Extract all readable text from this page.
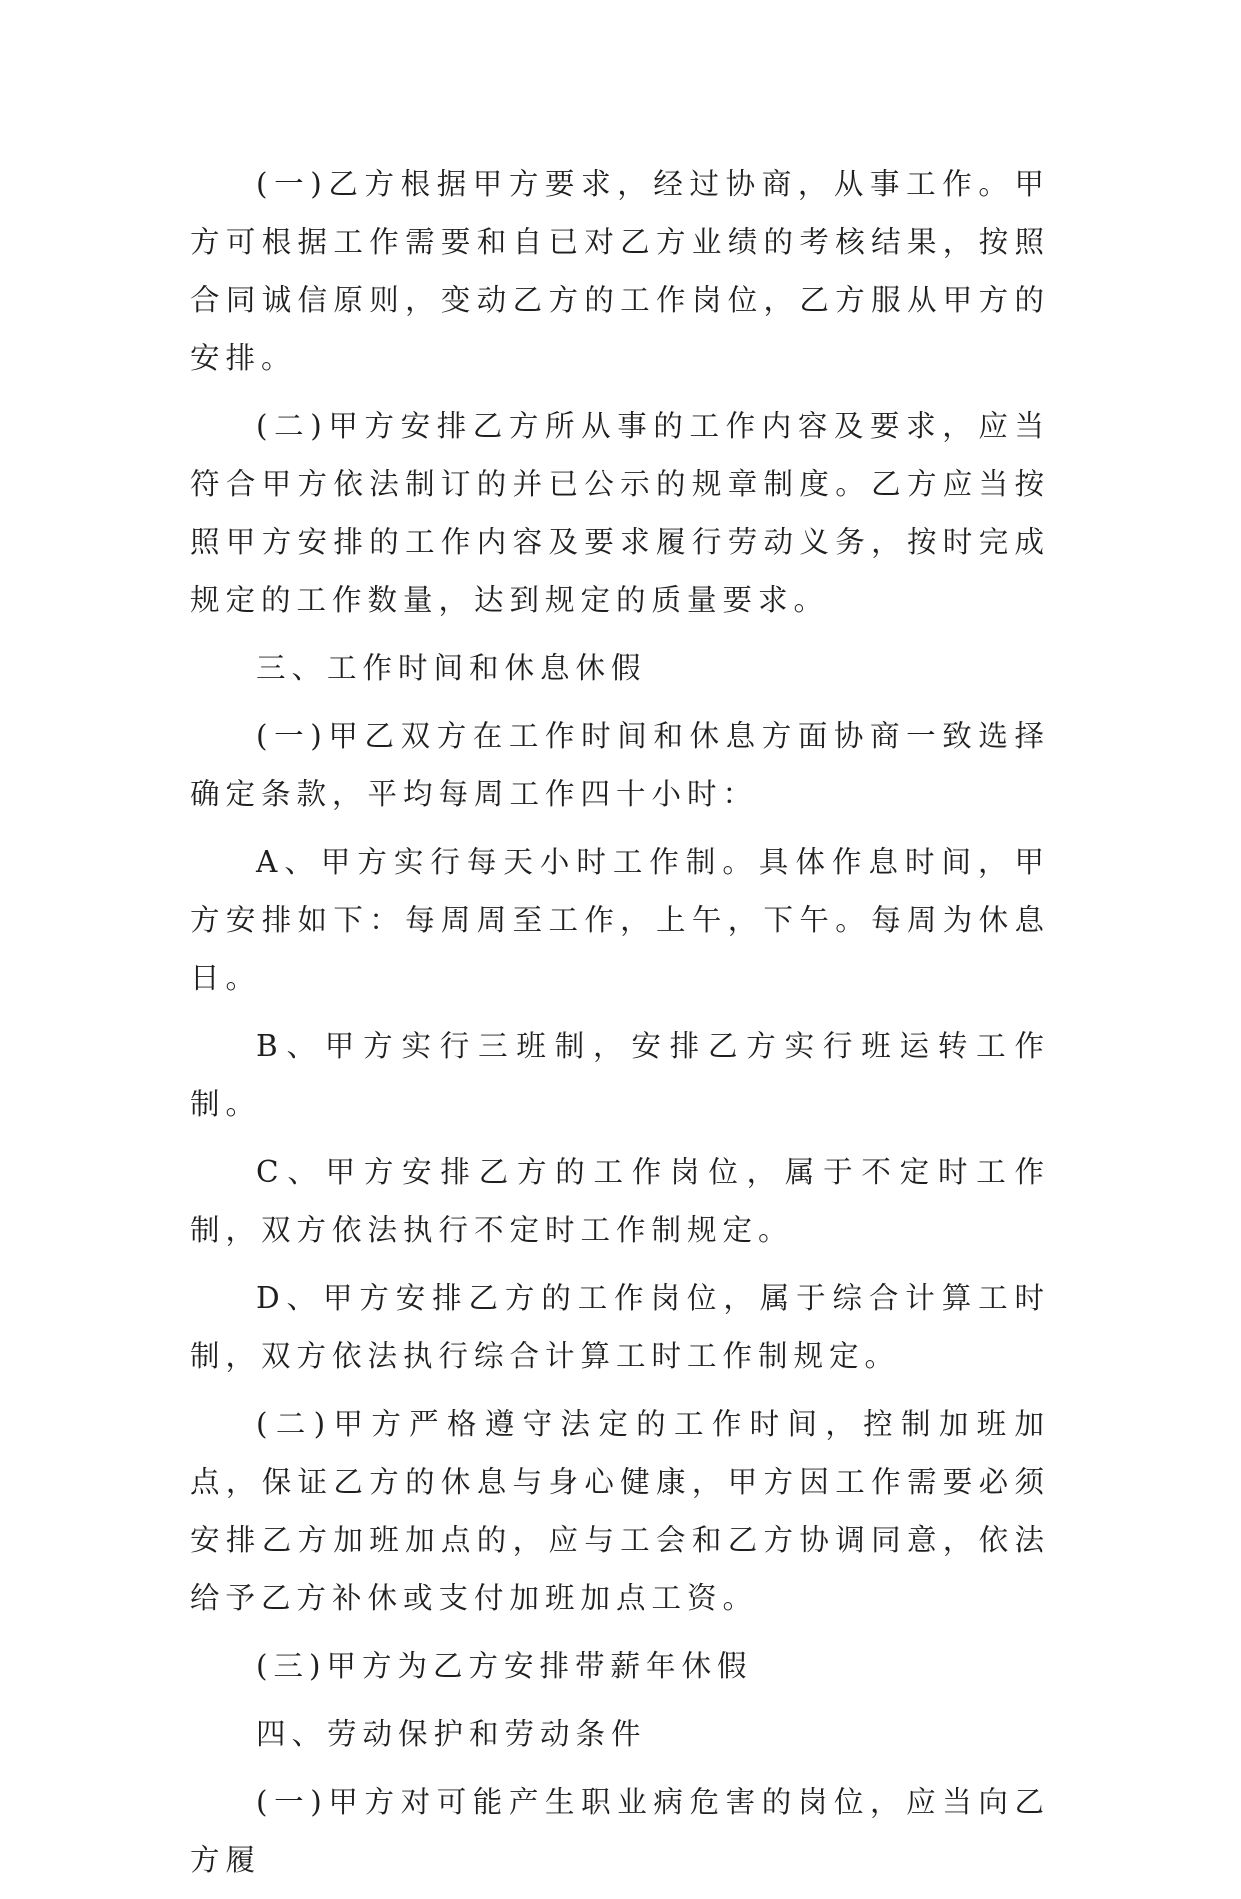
(一)乙方根据甲方要求，经过协商，从事工作。甲方可根据工作需要和自已对乙方业绩的考核结果，按照合同诚信原则，变动乙方的工作岗位，乙方服从甲方的安排。

(二)甲方安排乙方所从事的工作内容及要求，应当符合甲方依法制订的并已公示的规章制度。乙方应当按照甲方安排的工作内容及要求履行劳动义务，按时完成规定的工作数量，达到规定的质量要求。

三、工作时间和休息休假

(一)甲乙双方在工作时间和休息方面协商一致选择确定条款，平均每周工作四十小时：

A、甲方实行每天小时工作制。具体作息时间，甲方安排如下：每周周至工作，上午，下午。每周为休息日。

B、甲方实行三班制，安排乙方实行班运转工作制。

C、甲方安排乙方的工作岗位，属于不定时工作制，双方依法执行不定时工作制规定。

D、甲方安排乙方的工作岗位，属于综合计算工时制，双方依法执行综合计算工时工作制规定。

(二)甲方严格遵守法定的工作时间，控制加班加点，保证乙方的休息与身心健康，甲方因工作需要必须安排乙方加班加点的，应与工会和乙方协调同意，依法给予乙方补休或支付加班加点工资。

(三)甲方为乙方安排带薪年休假

四、劳动保护和劳动条件

(一)甲方对可能产生职业病危害的岗位，应当向乙方履
